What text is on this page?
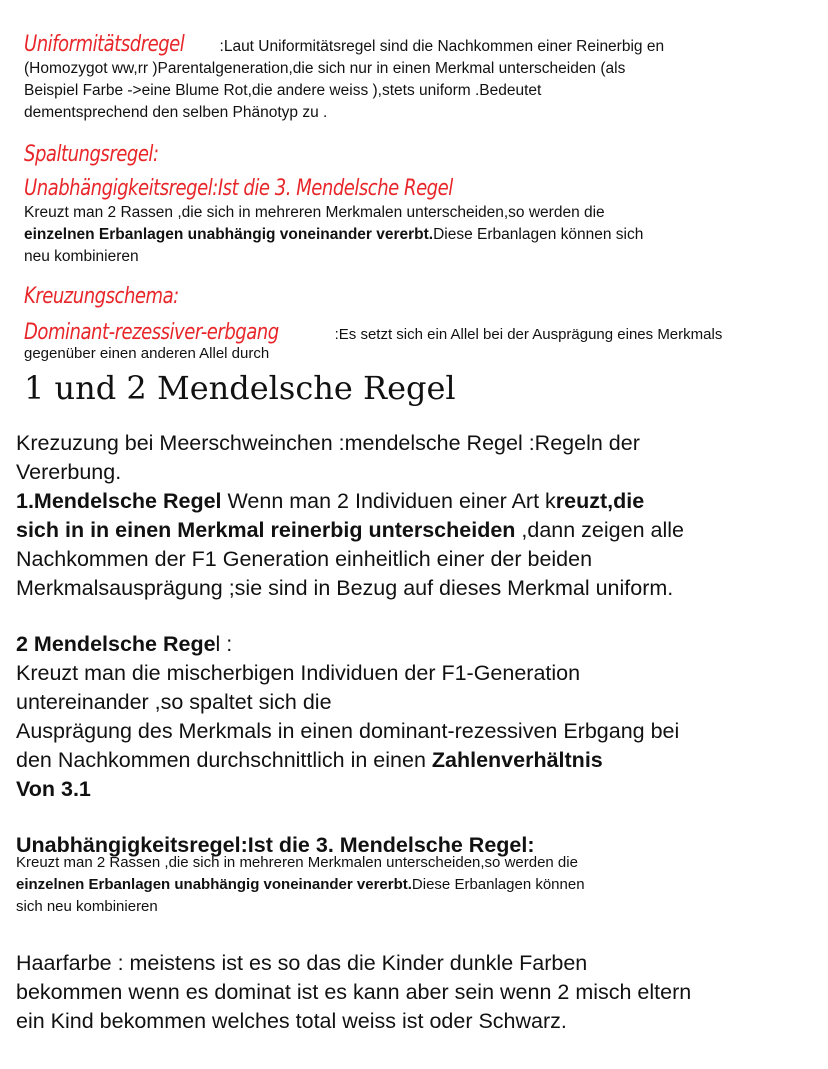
Uniformitätsdregel :Laut Uniformitätsregel sind die Nachkommen einer Reinerbig en
(Homozygot ww,rr )Parentalgeneration,die sich nur in einen Merkmal unterscheiden (als
Beispiel Farbe ->eine Blume Rot,die andere weiss ),stets uniform .Bedeutet
dementsprechend den selben Phänotyp zu .
Spaltungsregel:
Unabhängigkeitsregel:Ist die 3. Mendelsche Regel
Kreuzt man 2 Rassen ,die sich in mehreren Merkmalen unterscheiden,so werden die
einzelnen Erbanlagen unabhängig voneinander vererbt.Diese Erbanlagen können sich
neu kombinieren
Kreuzungschema:
Dominant-rezessiver-erbgang	:Es setzt sich ein Allel bei der Ausprägung eines Merkmals
gegenüber einen anderen Allel durch
1 und 2 Mendelsche Regel
Krezuzung bei Meerschweinchen :mendelsche Regel :Regeln der
Vererbung.
1.Mendelsche Regel Wenn man 2 Individuen einer Art kreuzt,die
sich in in einen Merkmal reinerbig unterscheiden ,dann zeigen alle
Nachkommen der F1 Generation einheitlich einer der beiden
Merkmalsausprägung ;sie sind in Bezug auf dieses Merkmal uniform.
2 Mendelsche Regel :
Kreuzt man die mischerbigen Individuen der F1-Generation
untereinander ,so spaltet sich die
Ausprägung des Merkmals in einen dominant-rezessiven Erbgang bei
den Nachkommen durchschnittlich in einen Zahlenverhältnis
Von 3.1
Unabhängigkeitsregel:Ist die 3. Mendelsche Regel:
Kreuzt man 2 Rassen ,die sich in mehreren Merkmalen unterscheiden,so werden die
einzelnen Erbanlagen unabhängig voneinander vererbt.Diese Erbanlagen können
sich neu kombinieren
Haarfarbe : meistens ist es so das die Kinder dunkle Farben
bekommen wenn es dominat ist es kann aber sein wenn 2 misch eltern
ein Kind bekommen welches total weiss ist oder Schwarz.
